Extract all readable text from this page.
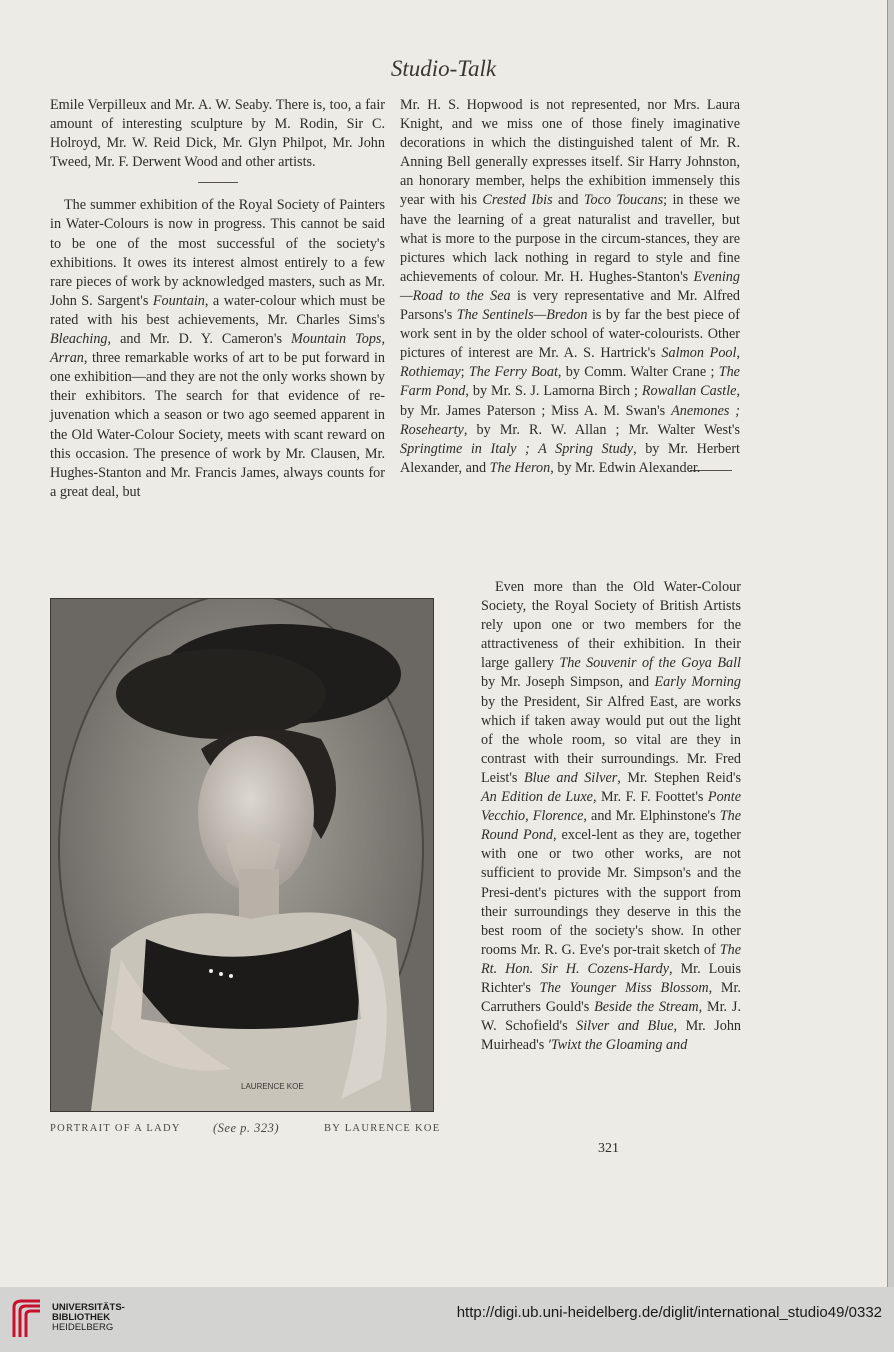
Studio-Talk

Emile Verpilleux and Mr. A. W. Seaby. There is, too, a fair amount of interesting sculpture by M. Rodin, Sir C. Holroyd, Mr. W. Reid Dick, Mr. Glyn Philpot, Mr. John Tweed, Mr. F. Derwent Wood and other artists.

The summer exhibition of the Royal Society of Painters in Water-Colours is now in progress. This cannot be said to be one of the most successful of the society's exhibitions. It owes its interest almost entirely to a few rare pieces of work by acknowledged masters, such as Mr. John S. Sargent's Fountain, a water-colour which must be rated with his best achievements, Mr. Charles Sims's Bleaching, and Mr. D. Y. Cameron's Mountain Tops, Arran, three remarkable works of art to be put forward in one exhibition—and they are not the only works shown by their exhibitors. The search for that evidence of re-juvenation which a season or two ago seemed apparent in the Old Water-Colour Society, meets with scant reward on this occasion. The presence of work by Mr. Clausen, Mr. Hughes-Stanton and Mr. Francis James, always counts for a great deal, but

Mr. H. S. Hopwood is not represented, nor Mrs. Laura Knight, and we miss one of those finely imaginative decorations in which the distinguished talent of Mr. R. Anning Bell generally expresses itself. Sir Harry Johnston, an honorary member, helps the exhibition immensely this year with his Crested Ibis and Toco Toucans; in these we have the learning of a great naturalist and traveller, but what is more to the purpose in the circum-stances, they are pictures which lack nothing in regard to style and fine achievements of colour. Mr. H. Hughes-Stanton's Evening—Road to the Sea is very representative and Mr. Alfred Parsons's The Sentinels—Bredon is by far the best piece of work sent in by the older school of water-colourists. Other pictures of interest are Mr. A. S. Hartrick's Salmon Pool, Rothiemay; The Ferry Boat, by Comm. Walter Crane ; The Farm Pond, by Mr. S. J. Lamorna Birch ; Rowallan Castle, by Mr. James Paterson ; Miss A. M. Swan's Anemones ; Rosehearty, by Mr. R. W. Allan ; Mr. Walter West's Springtime in Italy ; A Spring Study, by Mr. Herbert Alexander, and The Heron, by Mr. Edwin Alexander.

Even more than the Old Water-Colour Society, the Royal Society of British Artists rely upon one or two members for the attractiveness of their exhibition. In their large gallery The Souvenir of the Goya Ball by Mr. Joseph Simpson, and Early Morning by the President, Sir Alfred East, are works which if taken away would put out the light of the whole room, so vital are they in contrast with their surroundings. Mr. Fred Leist's Blue and Silver, Mr. Stephen Reid's An Edition de Luxe, Mr. F. F. Foottet's Ponte Vecchio, Florence, and Mr. Elphinstone's The Round Pond, excel-lent as they are, together with one or two other works, are not sufficient to provide Mr. Simpson's and the Presi-dent's pictures with the support from their surroundings they deserve in this the best room of the society's show. In other rooms Mr. R. G. Eve's por-trait sketch of The Rt. Hon. Sir H. Cozens-Hardy, Mr. Louis Richter's The Younger Miss Blossom, Mr. Carruthers Gould's Beside the Stream, Mr. J. W. Schofield's Silver and Blue, Mr. John Muirhead's 'Twixt the Gloaming and

LAURENCE KOE
PORTRAIT OF A LADY	(See p. 323)	BY LAURENCE KOE
321
UNIVERSITÄTS-
BIBLIOTHEK
HEIDELBERG
http://digi.ub.uni-heidelberg.de/diglit/international_studio49/0332
